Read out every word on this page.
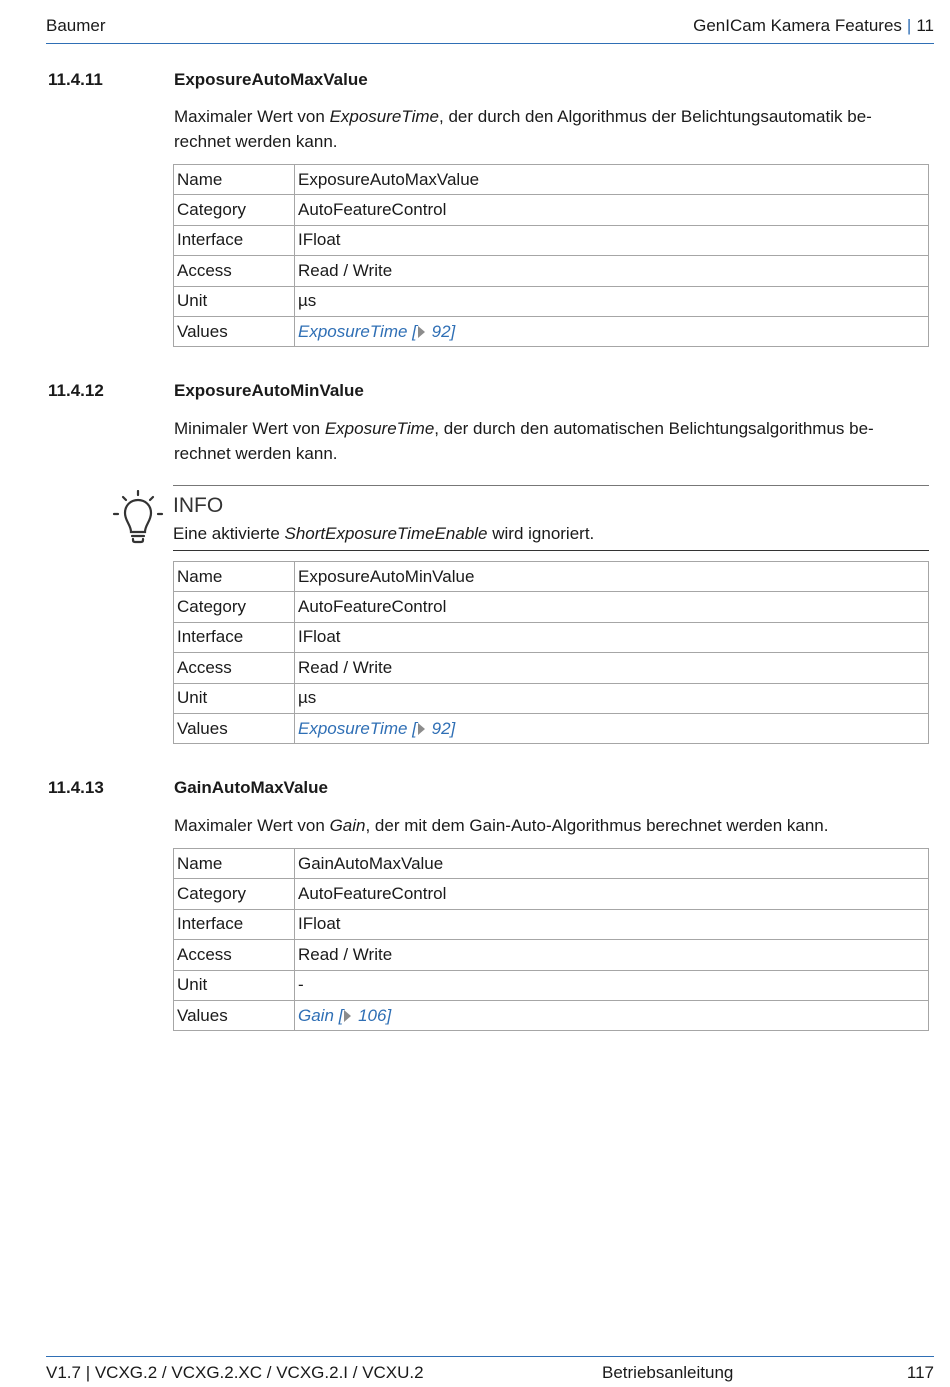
Baumer	GenICam Kamera Features | 11
11.4.11	ExposureAutoMaxValue
Maximaler Wert von ExposureTime, der durch den Algorithmus der Belichtungsautomatik be-
rechnet werden kann.
Name	ExposureAutoMaxValue
Category	AutoFeatureControl
Interface	IFloat
Access	Read / Write
Unit	µs
Values	ExposureTime [ 92]
11.4.12	ExposureAutoMinValue
Minimaler Wert von ExposureTime, der durch den automatischen Belichtungsalgorithmus be-
rechnet werden kann.
INFO
Eine aktivierte ShortExposureTimeEnable wird ignoriert.
Name	ExposureAutoMinValue
Category	AutoFeatureControl
Interface	IFloat
Access	Read / Write
Unit	µs
Values	ExposureTime [ 92]
11.4.13	GainAutoMaxValue
Maximaler Wert von Gain, der mit dem Gain-Auto-Algorithmus berechnet werden kann.
Name	GainAutoMaxValue
Category	AutoFeatureControl
Interface	IFloat
Access	Read / Write
Unit	-
Values	Gain [ 106]
V1.7 | VCXG.2 / VCXG.2.XC / VCXG.2.I / VCXU.2	Betriebsanleitung	117
